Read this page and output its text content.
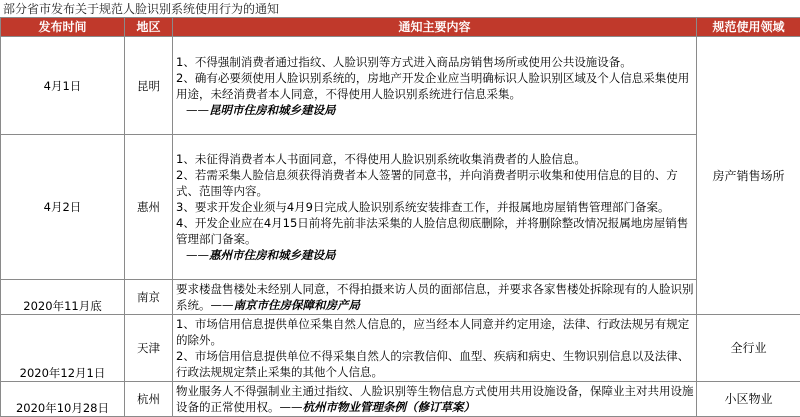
部分省市发布关于规范人脸识别系统使用行为的通知
发布时间	地区	通知主要内容	规范使用领域
4月1日	昆明	1、不得强制消费者通过指纹、人脸识别等方式进入商品房销售场所或使用公共设施设备。

2、确有必要须使用人脸识别系统的，房地产开发企业应当明确标识人脸识别区域及个人信息采集使用用途，未经消费者本人同意，不得使用人脸识别系统进行信息采集。

——昆明市住房和城乡建设局	房产销售场所
4月2日	惠州	1、未征得消费者本人书面同意，不得使用人脸识别系统收集消费者的人脸信息。

2、若需采集人脸信息须获得消费者本人签署的同意书，并向消费者明示收集和使用信息的目的、方式、范围等内容。

3、要求开发企业须与4月9日完成人脸识别系统安装排查工作，并报属地房屋销售管理部门备案。

4、开发企业应在4月15日前将先前非法采集的人脸信息彻底删除，并将删除整改情况报属地房屋销售管理部门备案。

——惠州市住房和城乡建设局	

2020年11月底	南京	要求楼盘售楼处未经别人同意，不得拍摄来访人员的面部信息，并要求各家售楼处拆除现有的人脸识别系统。——南京市住房保障和房产局	

2020年12月1日	天津	1、市场信用信息提供单位采集自然人信息的，应当经本人同意并约定用途，法律、行政法规另有规定的除外。

2、市场信用信息提供单位不得采集自然人的宗教信仰、血型、疾病和病史、生物识别信息以及法律、行政法规规定禁止采集的其他个人信息。	全行业
2020年10月28日	杭州	物业服务人不得强制业主通过指纹、人脸识别等生物信息方式使用共用设施设备，保障业主对共用设施设备的正常使用权。——杭州市物业管理条例（修订草案）	小区物业
